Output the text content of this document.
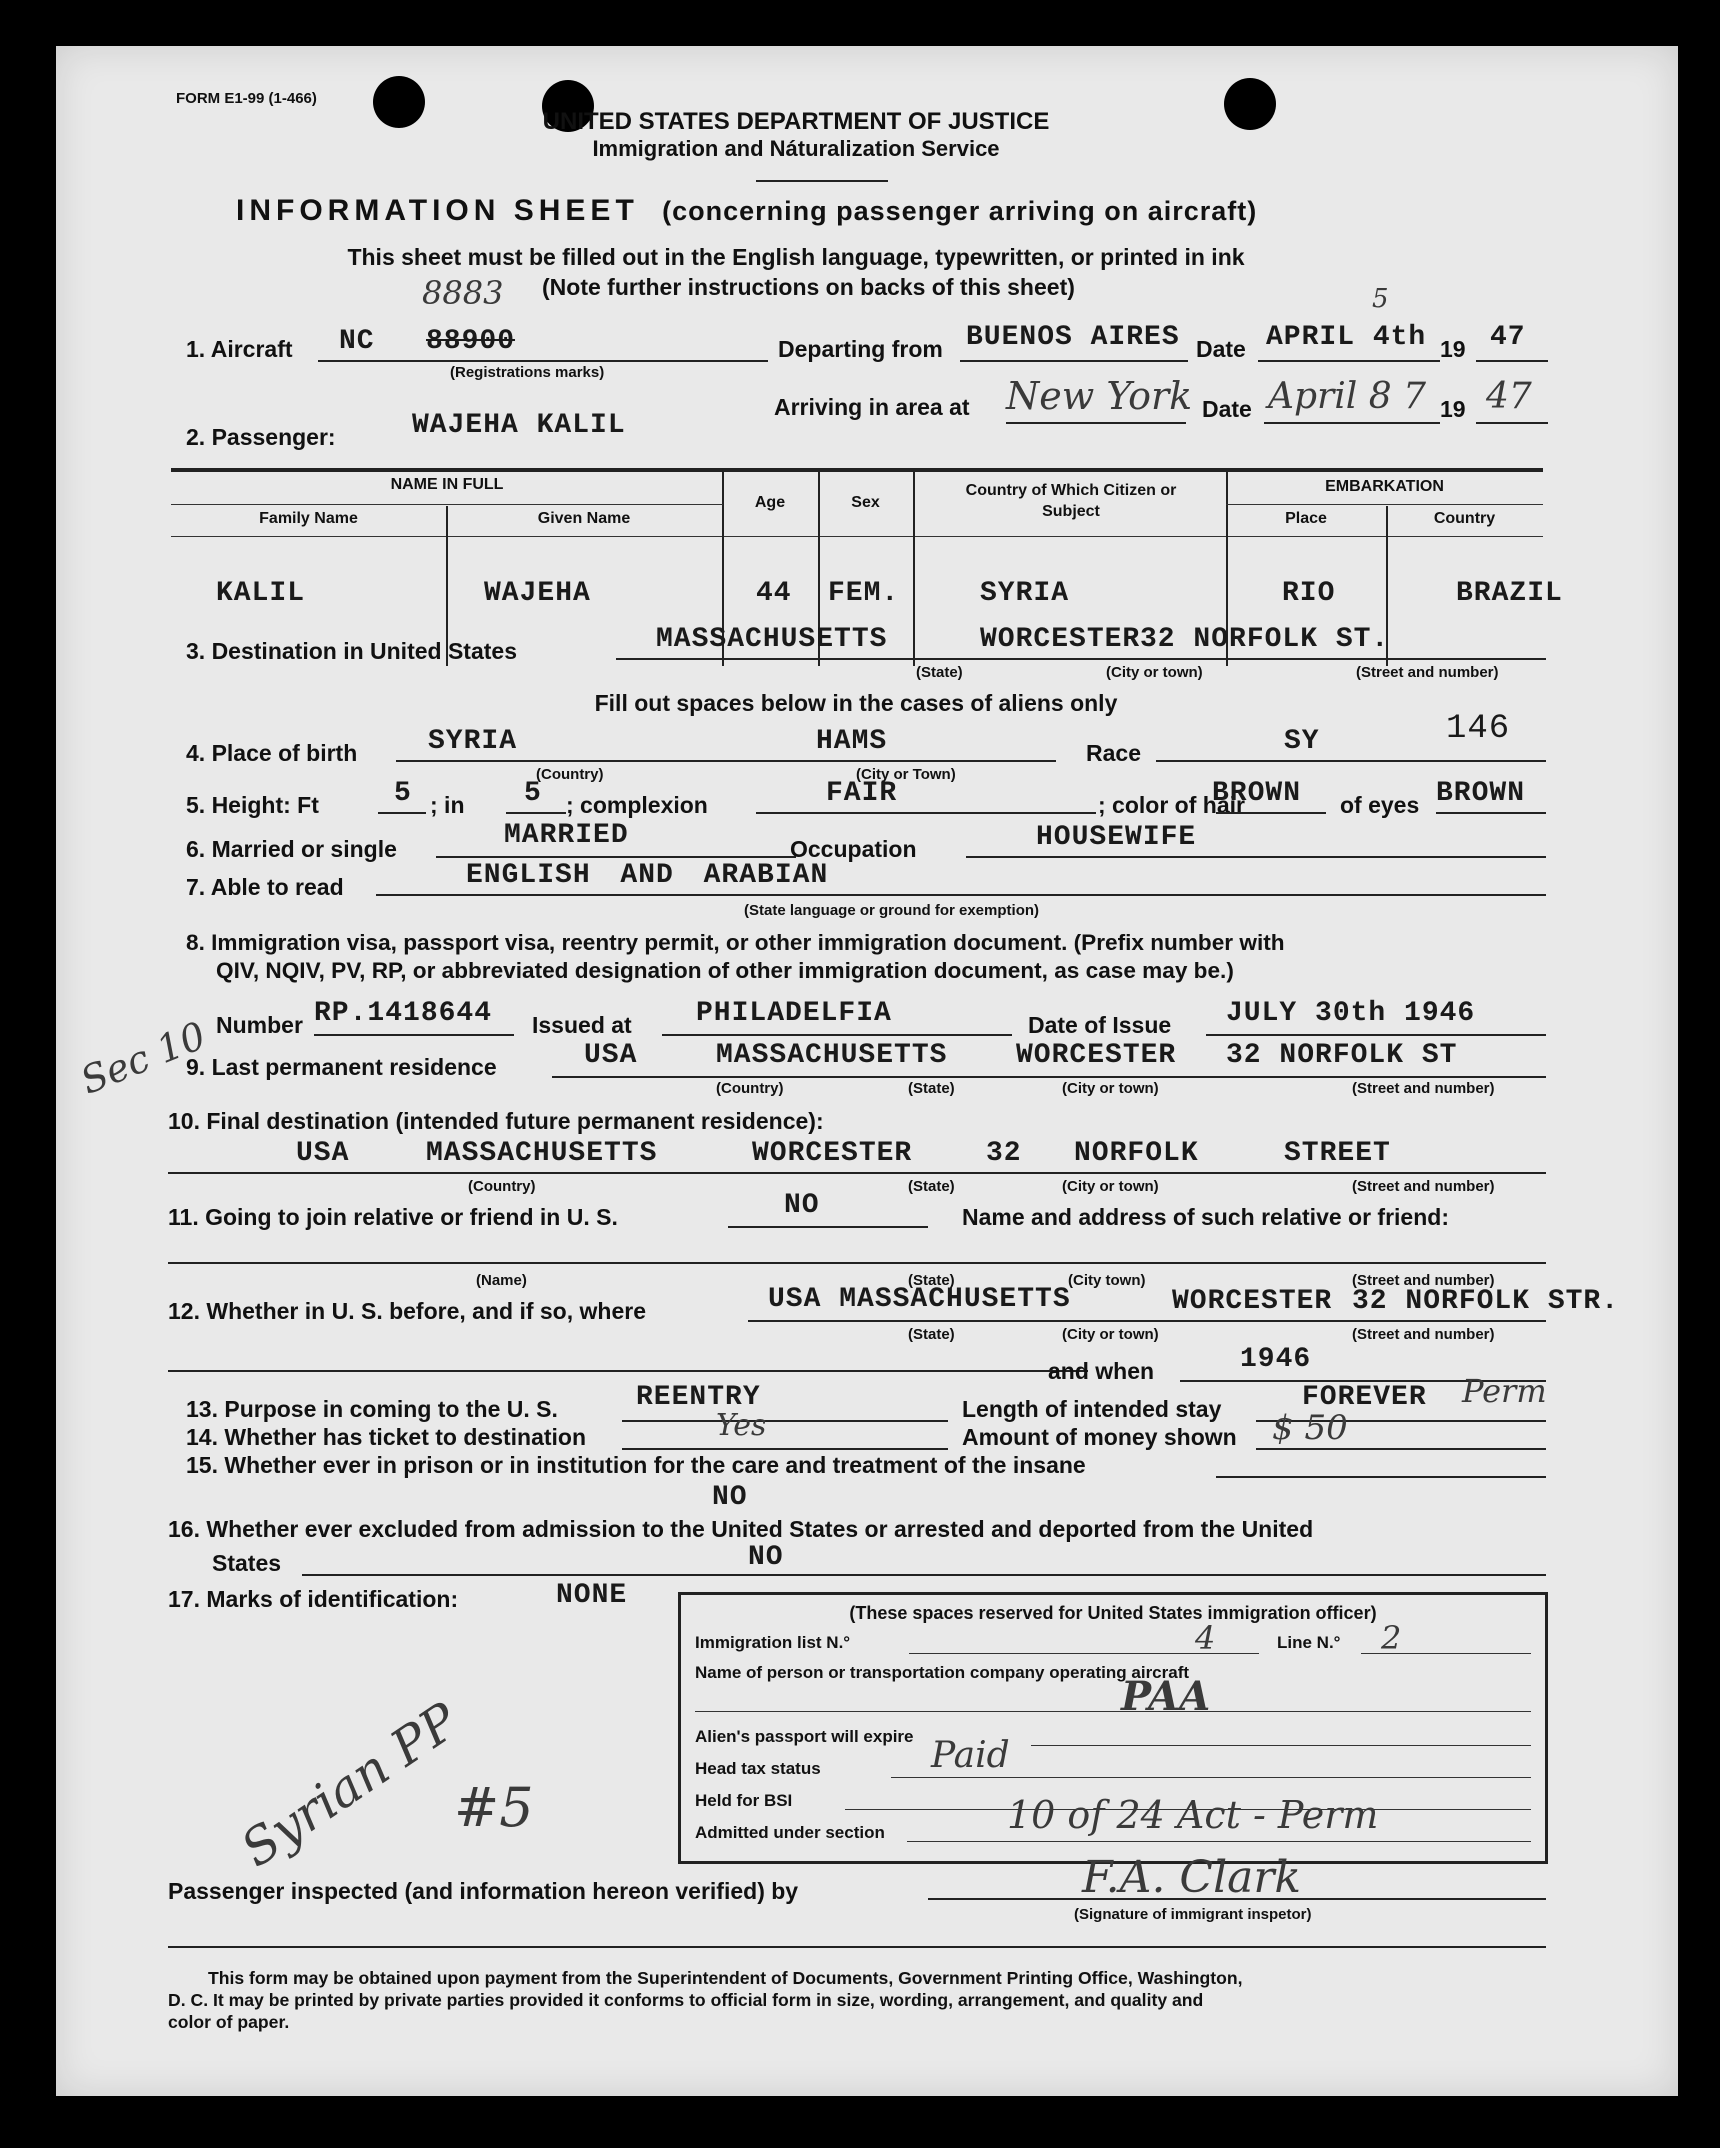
FORM E1-99 (1-466)
UNITED STATES DEPARTMENT OF JUSTICE
Immigration and Náturalization Service
INFORMATION SHEET (concerning passenger arriving on aircraft)
This sheet must be filled out in the English language, typewritten, or printed in ink
(Note further instructions on backs of this sheet)
1. Aircraft NC 88900
8883
(Registrations marks)
Departing from BUENOS AIRES Date APRIL 4th
5
19 47
Arriving in area at New York Date April 8 7 19 47
2. Passenger:	WAJEHA KALIL
NAME IN FULL
Family Name	Given Name
Age	Sex
Country of Which Citizen or Subject
EMBARKATION
Place	Country
KALIL	WAJEHA	44 FEM.	SYRIA	RIO	BRAZIL
3. Destination in United States	MASSACHUSETTS	WORCESTER 32 NORFOLK ST.
(State)	(City or town)	(Street and number)
Fill out spaces below in the cases of aliens only
4. Place of birth	SYRIA	HAMS
(Country)	(City or Town)
Race	SY	146
5. Height: Ft	5 ; in 5 ; complexion	FAIR	; color of hair
BROWN of eyes BROWN
6. Married or single	MARRIED	Occupation	HOUSEWIFE
7. Able to read	ENGLISH AND ARABIAN
(State language or ground for exemption)
8. Immigration visa, passport visa, reentry permit, or other immigration document. (Prefix number with
QIV, NQIV, PV, RP, or abbreviated designation of other immigration document, as case may be.)
Number RP.1418644 Issued at PHILADELFIA	Date of Issue JULY 30th 1946
Sec 10
9. Last permanent residence	USA	MASSACHUSETTS WORCESTER 32 NORFOLK ST
(Country)	(State)	(City or town)	(Street and number)
10. Final destination (intended future permanent residence):
USA	MASSACHUSETTS	WORCESTER	32 NORFOLK	STREET
(Country)	(State)	(City or town)	(Street and number)
11. Going to join relative or friend in U. S.	NO	Name and address of such relative or friend:
(Name)	(State)	(City town)	(Street and number)
12. Whether in U. S. before, and if so, where	USA MASSACHUSETTS	WORCESTER 32 NORFOLK STR.
(State)	(City or town)	(Street and number)
and when	1946
13. Purpose in coming to the U. S.	REENTRY	Length of intended stay	FOREVER Perm
14. Whether has ticket to destination	Yes	Amount of money shown $ 50
15. Whether ever in prison or in institution for the care and treatment of the insane
NO
16. Whether ever excluded from admission to the United States or arrested and deported from the United
States	NO
17. Marks of identification:	NONE
(These spaces reserved for United States immigration officer)
Immigration list N.°	4	Line N.° 2
Name of person or transportation company operating aircraft
PAA
Alien's passport will expire
Head tax status	Paid
Held for BSI
Admitted under section	10 of 24 Act - Perm
Syrian PP
#5
Passenger inspected (and information hereon verified) by	F.A. Clark
(Signature of immigrant inspetor)
This form may be obtained upon payment from the Superintendent of Documents, Government Printing Office, Washington,
D. C. It may be printed by private parties provided it conforms to official form in size, wording, arrangement, and quality and
color of paper.
